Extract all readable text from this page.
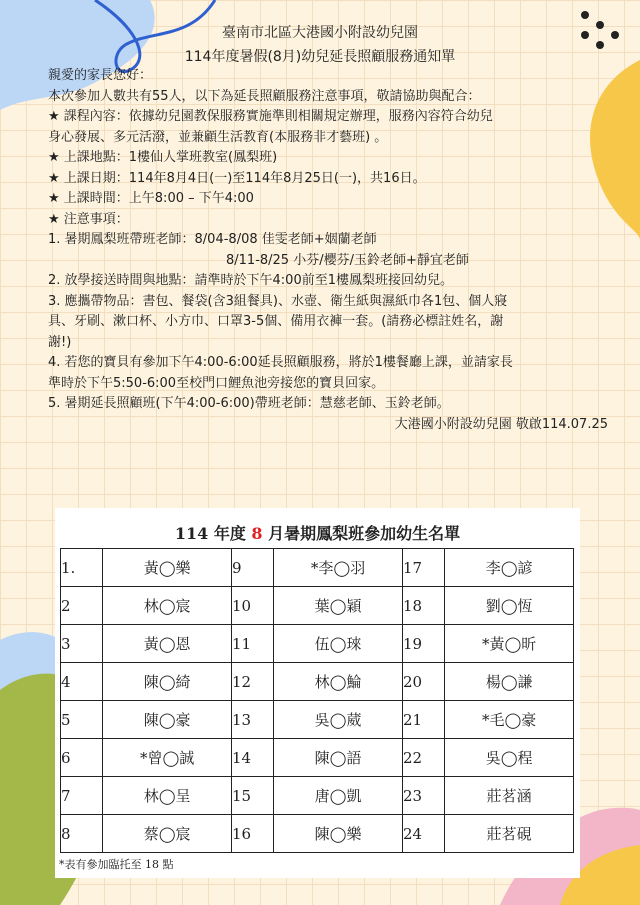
臺南市北區大港國小附設幼兒園
114年度暑假(8月)幼兒延長照顧服務通知單
親愛的家長您好：
本次參加人數共有55人，以下為延長照顧服務注意事項，敬請協助與配合：
★ 課程內容：依據幼兒園教保服務實施準則相關規定辦理，服務內容符合幼兒
身心發展、多元活潑，並兼顧生活教育(本服務非才藝班) 。
★ 上課地點：1樓仙人掌班教室(鳳梨班)
★ 上課日期：114年8月4日(一)至114年8月25日(一)，共16日。
★ 上課時間：上午8:00 – 下午4:00
★ 注意事項：
1. 暑期鳳梨班帶班老師：8/04-8/08 佳雯老師+姻蘭老師
8/11-8/25 小芬/櫻芬/玉鈴老師+靜宜老師
2. 放學接送時間與地點：請準時於下午4:00前至1樓鳳梨班接回幼兒。
3. 應攜帶物品：書包、餐袋(含3組餐具)、水壺、衛生紙與濕紙巾各1包、個人寢
具、牙刷、漱口杯、小方巾、口罩3-5個、備用衣褲一套。(請務必標註姓名，謝
謝!)
4. 若您的寶貝有參加下午4:00-6:00延長照顧服務，將於1樓餐廳上課，並請家長
準時於下午5:50-6:00至校門口鯉魚池旁接您的寶貝回家。
5. 暑期延長照顧班(下午4:00-6:00)帶班老師：慧慈老師、玉鈴老師。
大港國小附設幼兒園 敬啟114.07.25
114 年度 8 月暑期鳳梨班參加幼生名單
1.	黃◯樂	9	*李◯羽	17	李◯諺
2	林◯宸	10	葉◯穎	18	劉◯恆
3	黃◯恩	11	伍◯琜	19	*黃◯昕
4	陳◯綺	12	林◯鯩	20	楊◯謙
5	陳◯豪	13	吳◯葳	21	*毛◯豪
6	*曾◯誠	14	陳◯語	22	吳◯程
7	林◯呈	15	唐◯凱	23	莊茗涵
8	蔡◯宸	16	陳◯樂	24	莊茗硯
*表有參加臨托至 18 點
